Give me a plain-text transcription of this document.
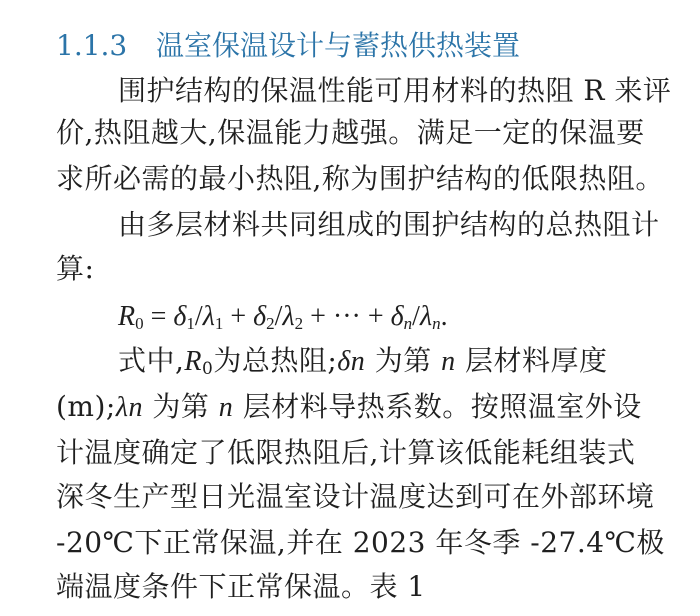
1.1.3 温室保温设计与蓄热供热装置
围护结构的保温性能可用材料的热阻 R 来评
价,热阻越大,保温能力越强。满足一定的保温要
求所必需的最小热阻,称为围护结构的低限热阻。
由多层材料共同组成的围护结构的总热阻计
算:
$R_0 = \delta_1/\lambda_1 + \delta_2/\lambda_2$ + ··· + $\delta_n/\lambda_n$.
式中$,R_0$为总热阻;δn 为第 n 层材料厚度
(m);λn 为第 n 层材料导热系数。按照温室外设
计温度确定了低限热阻后,计算该低能耗组装式
深冬生产型日光温室设计温度达到可在外部环境
-20℃下正常保温,并在 2023 年冬季 -27.4℃极
端温度条件下正常保温。表 1
